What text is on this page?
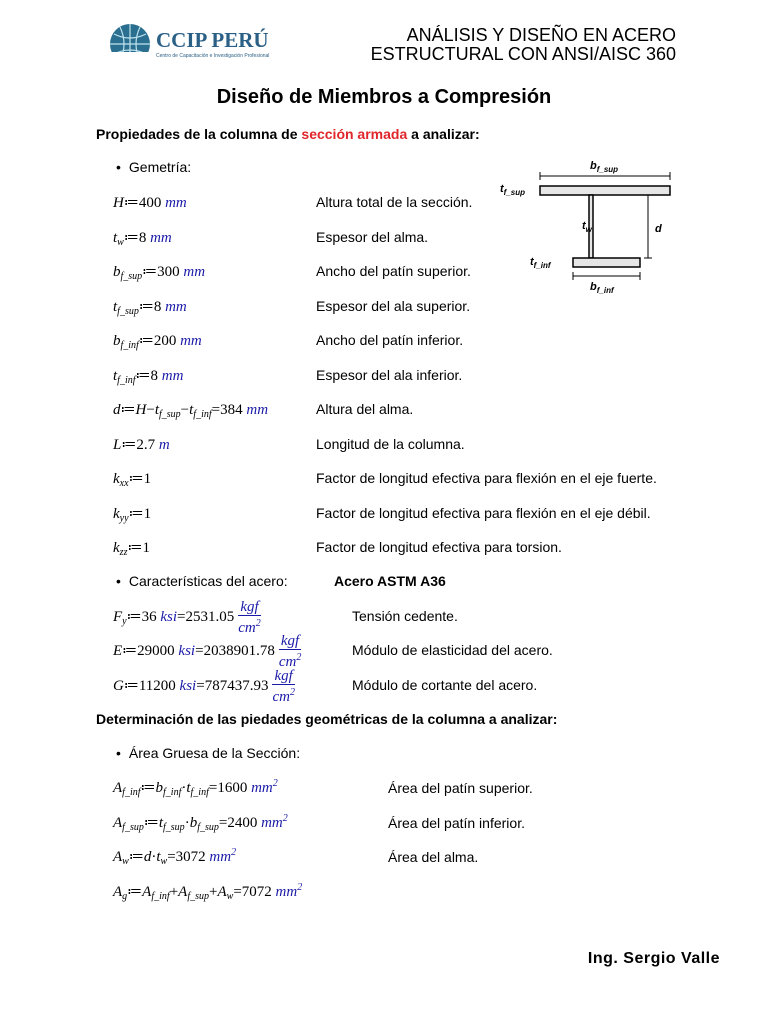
CCIP PERÚ
Centro de Capacitación e Investigación Profesional
ANÁLISIS Y DISEÑO EN ACERO
ESTRUCTURAL CON ANSI/AISC 360
Diseño de Miembros a Compresión
Propiedades de la columna de sección armada a analizar:
• Gemetría:
H≔400 mm	Altura total de la sección.
$t_w≔8$ mm	Espesor del alma.
$b_{f\_sup}≔300$ mm	Ancho del patín superior.
$t_{f\_sup}≔8$ mm	Espesor del ala superior.
$b_{f\_inf}≔200$ mm	Ancho del patín inferior.
$t_{f\_inf}≔8$ mm	Espesor del ala inferior.
$d≔H-t_{f\_sup}-t_{f\_inf}=384$ mm	Altura del alma.
L≔2.7 m	Longitud de la columna.
$k_{xx}≔1$	Factor de longitud efectiva para flexión en el eje fuerte.
$k_{yy}≔1$	Factor de longitud efectiva para flexión en el eje débil.
$k_{zz}≔1$	Factor de longitud efectiva para torsion.
$b_{f\_sup}$
$t_{f\_sup}$
$t_w$	d
$t_{f\_inf}$
$b_{f\_inf}$
• Características del acero:	Acero ASTM A36
$F_y≔36$ $ksi=2531.05 \frac{\text{kgf}}{cm^2}$	Tensión cedente.
E≔29000 $ksi=2038901.78 \frac{\text{kgf}}{cm^2}$	Módulo de elasticidad del acero.
G≔11200 $ksi=787437.93 \frac{\text{kgf}}{cm^2}$	Módulo de cortante del acero.
Determinación de las piedades geométricas de la columna a analizar:
• Área Gruesa de la Sección:
$A_{f\_inf}≔b_{f\_inf}\cdot t_{f\_inf}=1600$ $mm^2$	Área del patín superior.
$A_{f\_sup}≔t_{f\_sup}\cdot b_{f\_sup}=2400$ $mm^2$	Área del patín inferior.
$A_w≔d\cdot t_w=3072$ $mm^2$	Área del alma.
$A_g≔A_{f\_inf}+A_{f\_sup}+A_w=7072$ $mm^2$
Ing. Sergio Valle
